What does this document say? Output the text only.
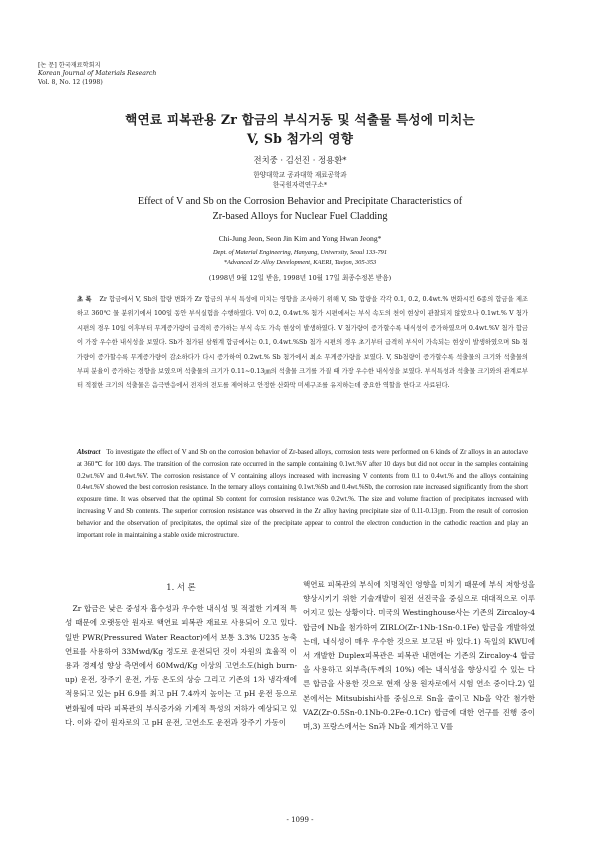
[논 문] 한국재료학회지
Korean Journal of Materials Research
Vol. 8, No. 12 (1998)
핵연료 피복관용 Zr 합금의 부식거동 및 석출물 특성에 미치는
V, Sb 첨가의 영향
전치중 · 김선진 · 정용환*
한양대학교 공과대학 재료공학과
한국원자력연구소*
Effect of V and Sb on the Corrosion Behavior and Precipitate Characteristics of
Zr-based Alloys for Nuclear Fuel Cladding
Chi-Jung Jeon, Seon Jin Kim and Yong Hwan Jeong*
Dept. of Material Engineering, Hanyang, University, Seoul 133-791
*Advanced Zr Alloy Development, KAERI, Taejon, 305-353
(1998년 9월 12일 받음, 1998년 10월 17일 최종수정본 받음)
초 록 Zr 합금에서 V, Sb의 합량 변화가 Zr 합금의 부식 특성에 미치는 영향을 조사하기 위해 V, Sb 합량을 각각 0.1, 0.2, 0.4wt.% 변화시킨 6종의 합금을 제조하고 360℃ 물 분위기에서 100일 동안 부식실험을 수행하였다. V이 0.2, 0.4wt.% 첨가 시편에서는 부식 속도의 천이 현상이 관찰되지 않았으나 0.1wt.% V 첨가 시편의 경우 10일 이후부터 무게증가량이 급격히 증가하는 부식 속도 가속 현상이 발생하였다. V 첨가량이 증가할수록 내식성이 증가하였으며 0.4wt.%V 첨가 합금이 가장 우수한 내식성을 보였다. Sb가 첨가된 삼원계 합금에서는 0.1, 0.4wt.%Sb 첨가 시편의 경우 초기부터 급격히 부식이 가속되는 현상이 발생하였으며 Sb 첨가량이 증가할수록 무게증가량이 감소하다가 다시 증가하여 0.2wt.% Sb 첨가에서 최소 무게증가량을 보였다. V, Sb첨량이 증가할수록 석출물의 크기와 석출물의 부피 분율이 증가하는 경향을 보였으며 석출물의 크기가 0.11~0.13㎛의 석출물 크기를 가질 때 가장 우수한 내식성을 보였다. 부식특성과 석출물 크기와의 관계로부터 적절한 크기의 석출물은 음극반응에서 전자의 전도를 제어하고 안정한 산화막 미세구조를 유지하는데 중요한 역할을 한다고 사료된다.
Abstract To investigate the effect of V and Sb on the corrosion behavior of Zr-based alloys, corrosion tests were performed on 6 kinds of Zr alloys in an autoclave at 360℃ for 100 days. The transition of the corrosion rate occurred in the sample containing 0.1wt.%V after 10 days but did not occur in the samples containing 0.2wt.%V and 0.4wt.%V. The corrosion resistance of V containing alloys increased with increasing V contents from 0.1 to 0.4wt.% and the alloys containing 0.4wt.%V showed the best corrosion resistance. In the ternary alloys containing 0.1wt.%Sb and 0.4wt.%Sb, the corrosion rate increased significantly from the short exposure time. It was observed that the optimal Sb content for corrosion resistance was 0.2wt.%. The size and volume fraction of precipitates increased with increasing V and Sb contents. The superior corrosion resistance was observed in the Zr alloy having precipitate size of 0.11-0.13㎛. From the result of corrosion behavior and the observation of precipitates, the optimal size of the precipitate appear to control the electron conduction in the cathodic reaction and play an important role in maintaining a stable oxide microstructure.
1. 서 론

Zr 합금은 낮은 중성자 흡수성과 우수한 내식성 및 적절한 기계적 특성 때문에 오랫동안 원자로 핵연료 피복관 재료로 사용되어 오고 있다. 일반 PWR(Pressured Water Reactor)에서 보통 3.3% U235 농축 연료를 사용하여 33Mwd/Kg 정도로 운전되던 것이 자원의 효율적 이용과 경제성 향상 측면에서 60Mwd/Kg 이상의 고연소도(high burn-up) 운전, 장주기 운전, 가동 온도의 상승 그리고 기존의 1차 냉각재에 적용되고 있는 pH 6.9를 최고 pH 7.4까지 높이는 고 pH 운전 등으로 변화될에 따라 피복관의 부식증가와 기계적 특성의 저하가 예상되고 있다. 이와 같이 원자로의 고 pH 운전, 고연소도 운전과 장주기 가동이

핵연료 피복관의 부식에 치명적인 영향을 미치기 때문에 부식 저항성을 향상시키기 위한 기술개발이 원전 선진국을 중심으로 대대적으로 이루어지고 있는 상황이다. 미국의 Westinghouse사는 기존의 Zircaloy-4 합금에 Nb을 첨가하여 ZIRLO(Zr-1Nb-1Sn-0.1Fe) 합금을 개발하였는데, 내식성이 매우 우수한 것으로 보고된 바 있다.1) 독일의 KWU에서 개발한 Duplex피복관은 피복관 내면에는 기존의 Zircaloy-4 합금을 사용하고 외부측(두께의 10%) 에는 내식성을 향상시킬 수 있는 다른 합금을 사용한 것으로 현재 상용 원자로에서 시험 연소 중이다.2) 일본에서는 Mitsubishi사를 중심으로 Sn을 줄이고 Nb을 약간 첨가한 VAZ(Zr-0.5Sn-0.1Nb-0.2Fe-0.1Cr) 합금에 대한 연구를 진행 중이며,3) 프랑스에서는 Sn과 Nb을 제거하고 V를

- 1099 -
